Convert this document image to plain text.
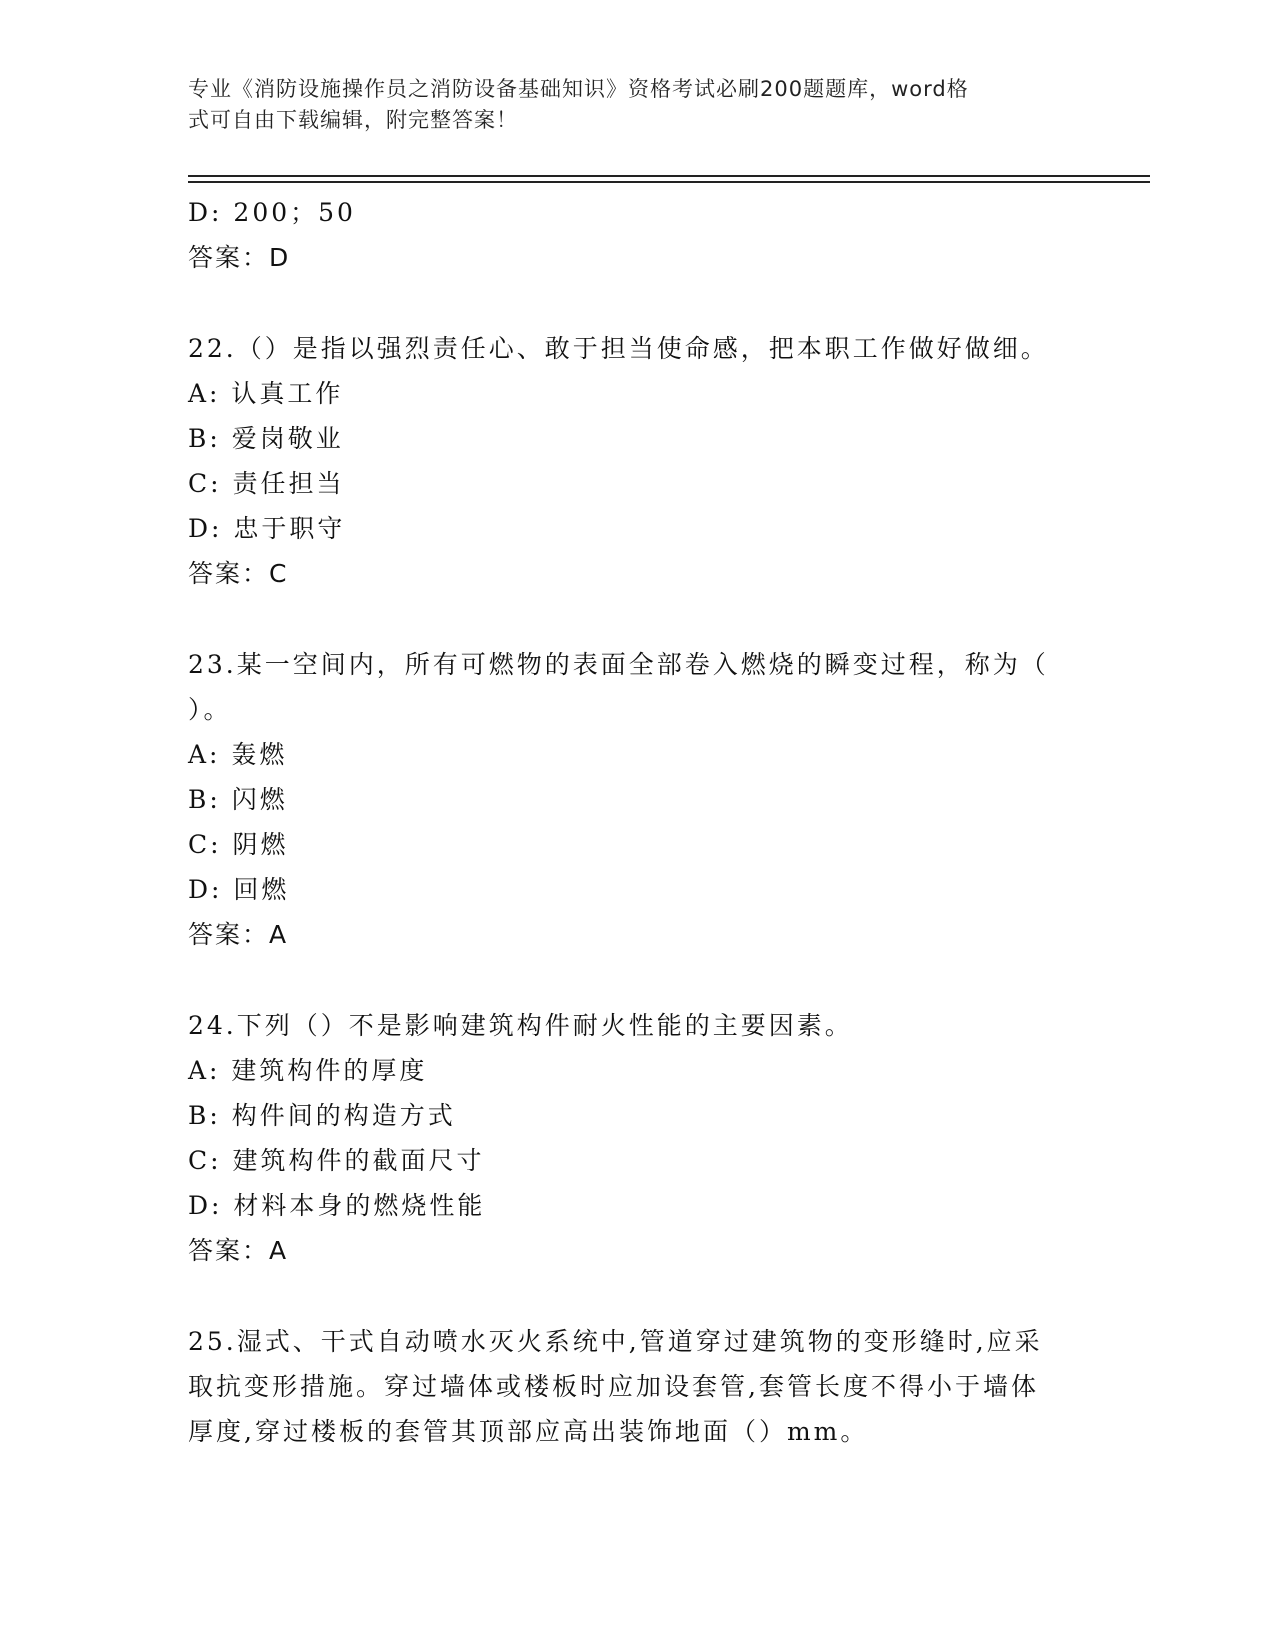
专业《消防设施操作员之消防设备基础知识》资格考试必刷200题题库，word格
式可自由下载编辑，附完整答案！
D: 200；50
答案：D
22.（）是指以强烈责任心、敢于担当使命感，把本职工作做好做细。
A: 认真工作
B: 爱岗敬业
C: 责任担当
D: 忠于职守
答案：C
23.某一空间内，所有可燃物的表面全部卷入燃烧的瞬变过程，称为（
）。
A: 轰燃
B: 闪燃
C: 阴燃
D: 回燃
答案：A
24.下列（）不是影响建筑构件耐火性能的主要因素。
A: 建筑构件的厚度
B: 构件间的构造方式
C: 建筑构件的截面尺寸
D: 材料本身的燃烧性能
答案：A
25.湿式、干式自动喷水灭火系统中,管道穿过建筑物的变形缝时,应采
取抗变形措施。穿过墙体或楼板时应加设套管,套管长度不得小于墙体
厚度,穿过楼板的套管其顶部应高出装饰地面（）mm。
